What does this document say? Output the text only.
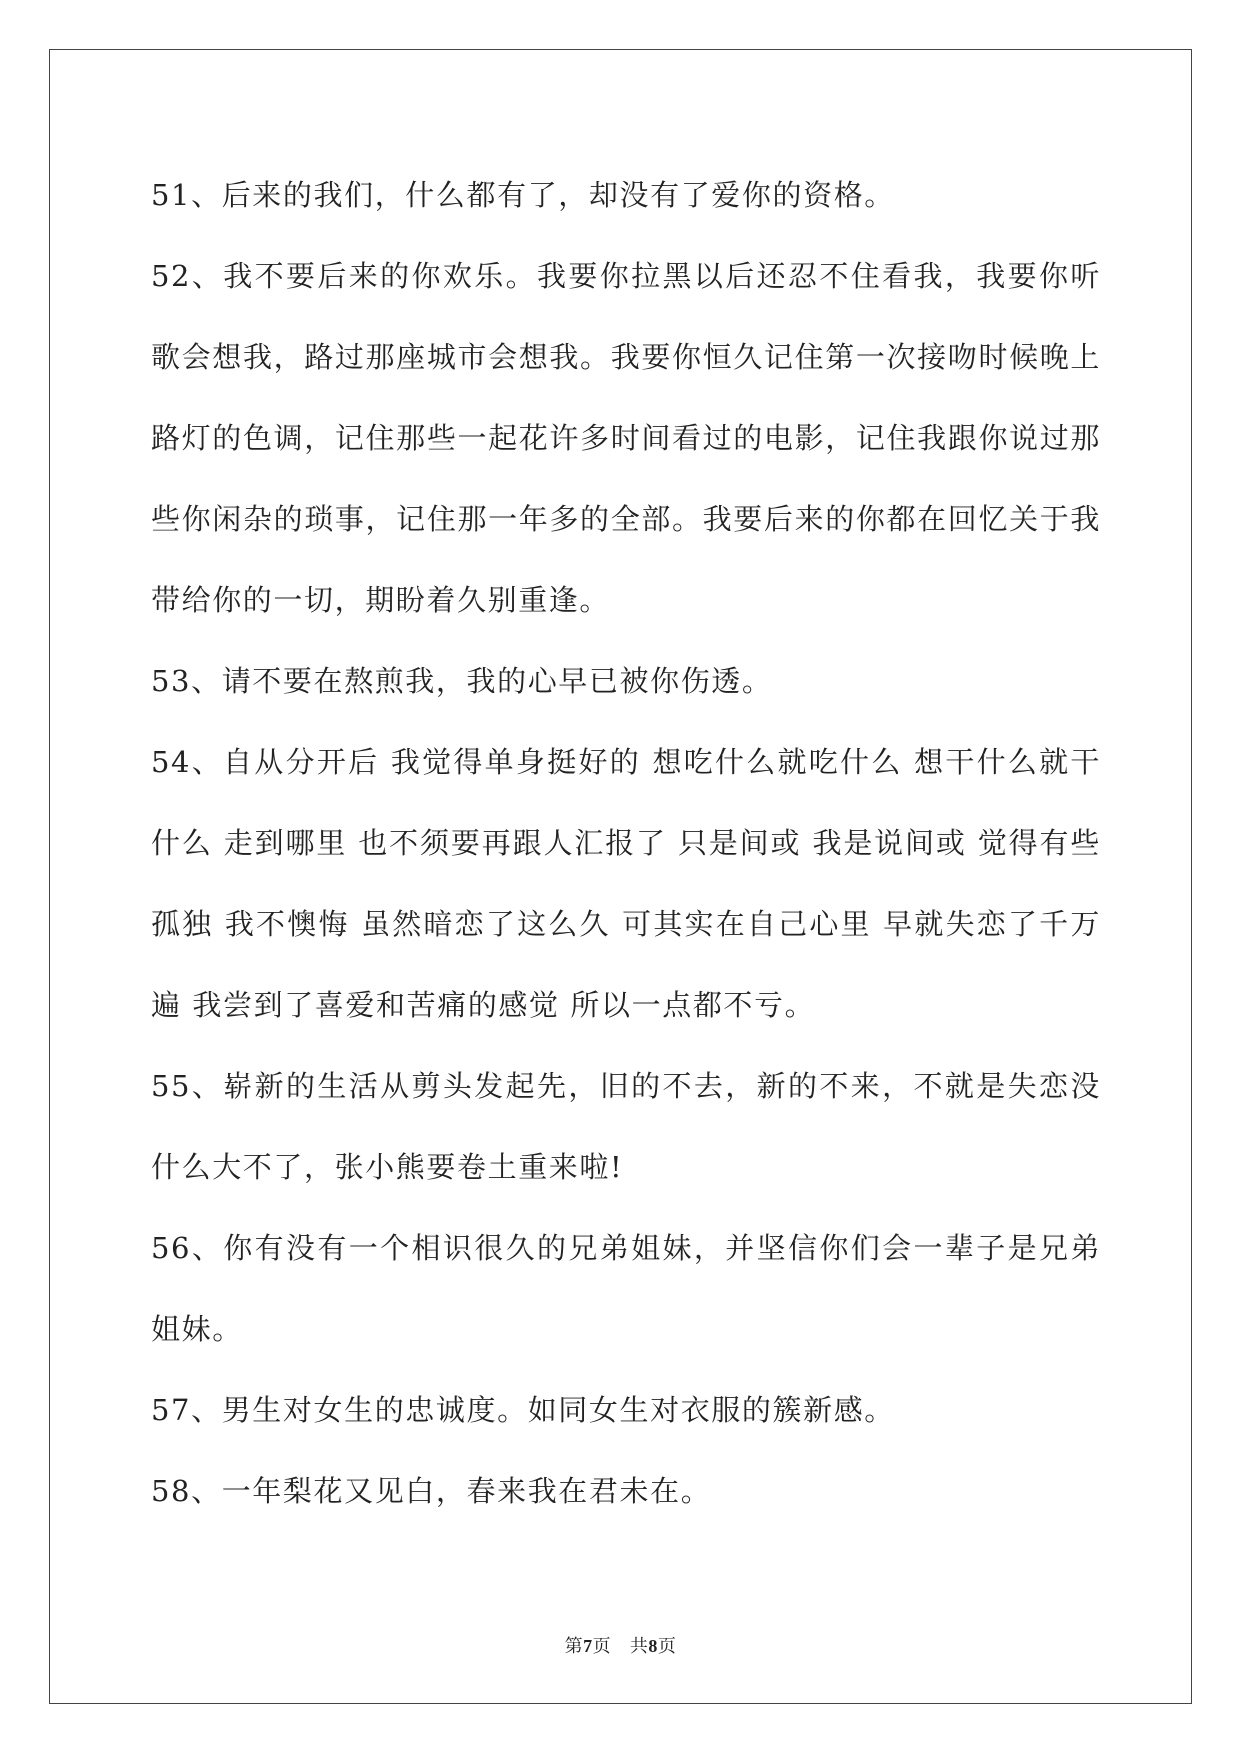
51、后来的我们，什么都有了，却没有了爱你的资格。

52、我不要后来的你欢乐。我要你拉黑以后还忍不住看我，我要你听歌会想我，路过那座城市会想我。我要你恒久记住第一次接吻时候晚上路灯的色调，记住那些一起花许多时间看过的电影，记住我跟你说过那些你闲杂的琐事，记住那一年多的全部。我要后来的你都在回忆关于我带给你的一切，期盼着久别重逢。

53、请不要在熬煎我，我的心早已被你伤透。

54、自从分开后 我觉得单身挺好的 想吃什么就吃什么 想干什么就干什么 走到哪里 也不须要再跟人汇报了 只是间或 我是说间或 觉得有些孤独 我不懊悔 虽然暗恋了这么久 可其实在自己心里 早就失恋了千万遍 我尝到了喜爱和苦痛的感觉 所以一点都不亏。

55、崭新的生活从剪头发起先，旧的不去，新的不来，不就是失恋没什么大不了，张小熊要卷土重来啦!

56、你有没有一个相识很久的兄弟姐妹，并坚信你们会一辈子是兄弟姐妹。

57、男生对女生的忠诚度。如同女生对衣服的簇新感。

58、一年梨花又见白，春来我在君未在。

第7页 共8页
